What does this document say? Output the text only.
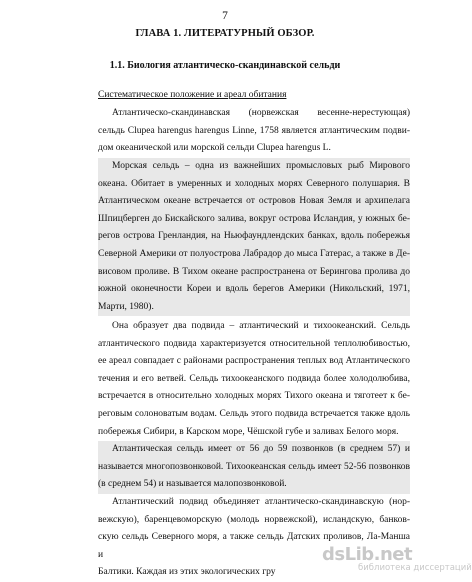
7
ГЛАВА 1. ЛИТЕРАТУРНЫЙ ОБЗОР.
1.1. Биология атлантическо-скандинавской сельди

Систематическое положение и ареал обитания

Атлантическо-скандинавская (норвежская весенне-нерестующая)

сельдь Clupea harengus harengus Linne, 1758 является атлантическим подви-

дом океанической или морской сельди Clupea harengus L.

Морская сельдь – одна из важнейших промысловых рыб Мирового

океана. Обитает в умеренных и холодных морях Северного полушария. В

Атлантическом океане встречается от островов Новая Земля и архипелага

Шпицберген до Бискайского залива, вокруг острова Исландия, у южных бе-

регов острова Гренландия, на Ньюфаундлендских банках, вдоль побережья

Северной Америки от полуострова Лабрадор до мыса Гатерас, а также в Де-

висовом проливе. В Тихом океане распространена от Берингова пролива до

южной оконечности Кореи и вдоль берегов Америки (Никольский, 1971,

Марти, 1980).

Она образует два подвида – атлантический и тихоокеанский. Сельдь

атлантического подвида характеризуется относительной теплолюбивостью,

ее ареал совпадает с районами распространения теплых вод Атлантического

течения и его ветвей. Сельдь тихоокеанского подвида более холодолюбива,

встречается в относительно холодных морях Тихого океана и тяготеет к бе-

реговым солоноватым водам. Сельдь этого подвида встречается также вдоль

побережья Сибири, в Карском море, Чёшской губе и заливах Белого моря.

Атлантическая сельдь имеет от 56 до 59 позвонков (в среднем 57) и

называется многопозвонковой. Тихоокеанская сельдь имеет 52-56 позвонков

(в среднем 54) и называется малопозвонковой.

Атлантический подвид объединяет атлантическо-скандинавскую (нор-

вежскую), баренцевоморскую (молодь норвежской), исландскую, банков-

скую сельдь Северного моря, а также сельдь Датских проливов, Ла-Манша и

Балтики. Каждая из этих экологических гру

dsLib.net
библиотека диссертаций
